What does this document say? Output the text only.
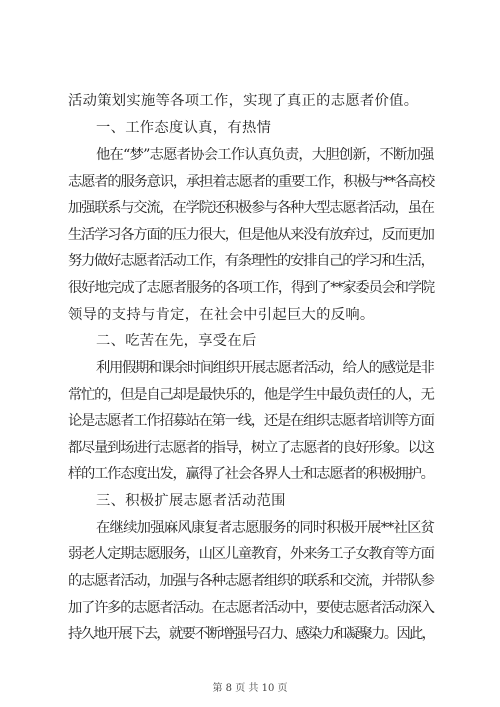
活动策划实施等各项工作，实现了真正的志愿者价值。
一、工作态度认真，有热情
他在“梦”志愿者协会工作认真负责，大胆创新，不断加强
志愿者的服务意识，承担着志愿者的重要工作，积极与**各高校
加强联系与交流，在学院还积极参与各种大型志愿者活动，虽在
生活学习各方面的压力很大，但是他从来没有放弃过，反而更加
努力做好志愿者活动工作，有条理性的安排自己的学习和生活，
很好地完成了志愿者服务的各项工作，得到了**家委员会和学院
领导的支持与肯定，在社会中引起巨大的反响。
二、吃苦在先，享受在后
利用假期和课余时间组织开展志愿者活动，给人的感觉是非
常忙的，但是自己却是最快乐的，他是学生中最负责任的人，无
论是志愿者工作招募站在第一线，还是在组织志愿者培训等方面
都尽量到场进行志愿者的指导，树立了志愿者的良好形象。以这
样的工作态度出发，赢得了社会各界人士和志愿者的积极拥护。
三、积极扩展志愿者活动范围
在继续加强麻风康复者志愿服务的同时积极开展**社区贫
弱老人定期志愿服务，山区儿童教育，外来务工子女教育等方面
的志愿者活动，加强与各种志愿者组织的联系和交流，并带队参
加了许多的志愿者活动。在志愿者活动中，要使志愿者活动深入
持久地开展下去，就要不断增强号召力、感染力和凝聚力。因此，
第 8 页 共 10 页
